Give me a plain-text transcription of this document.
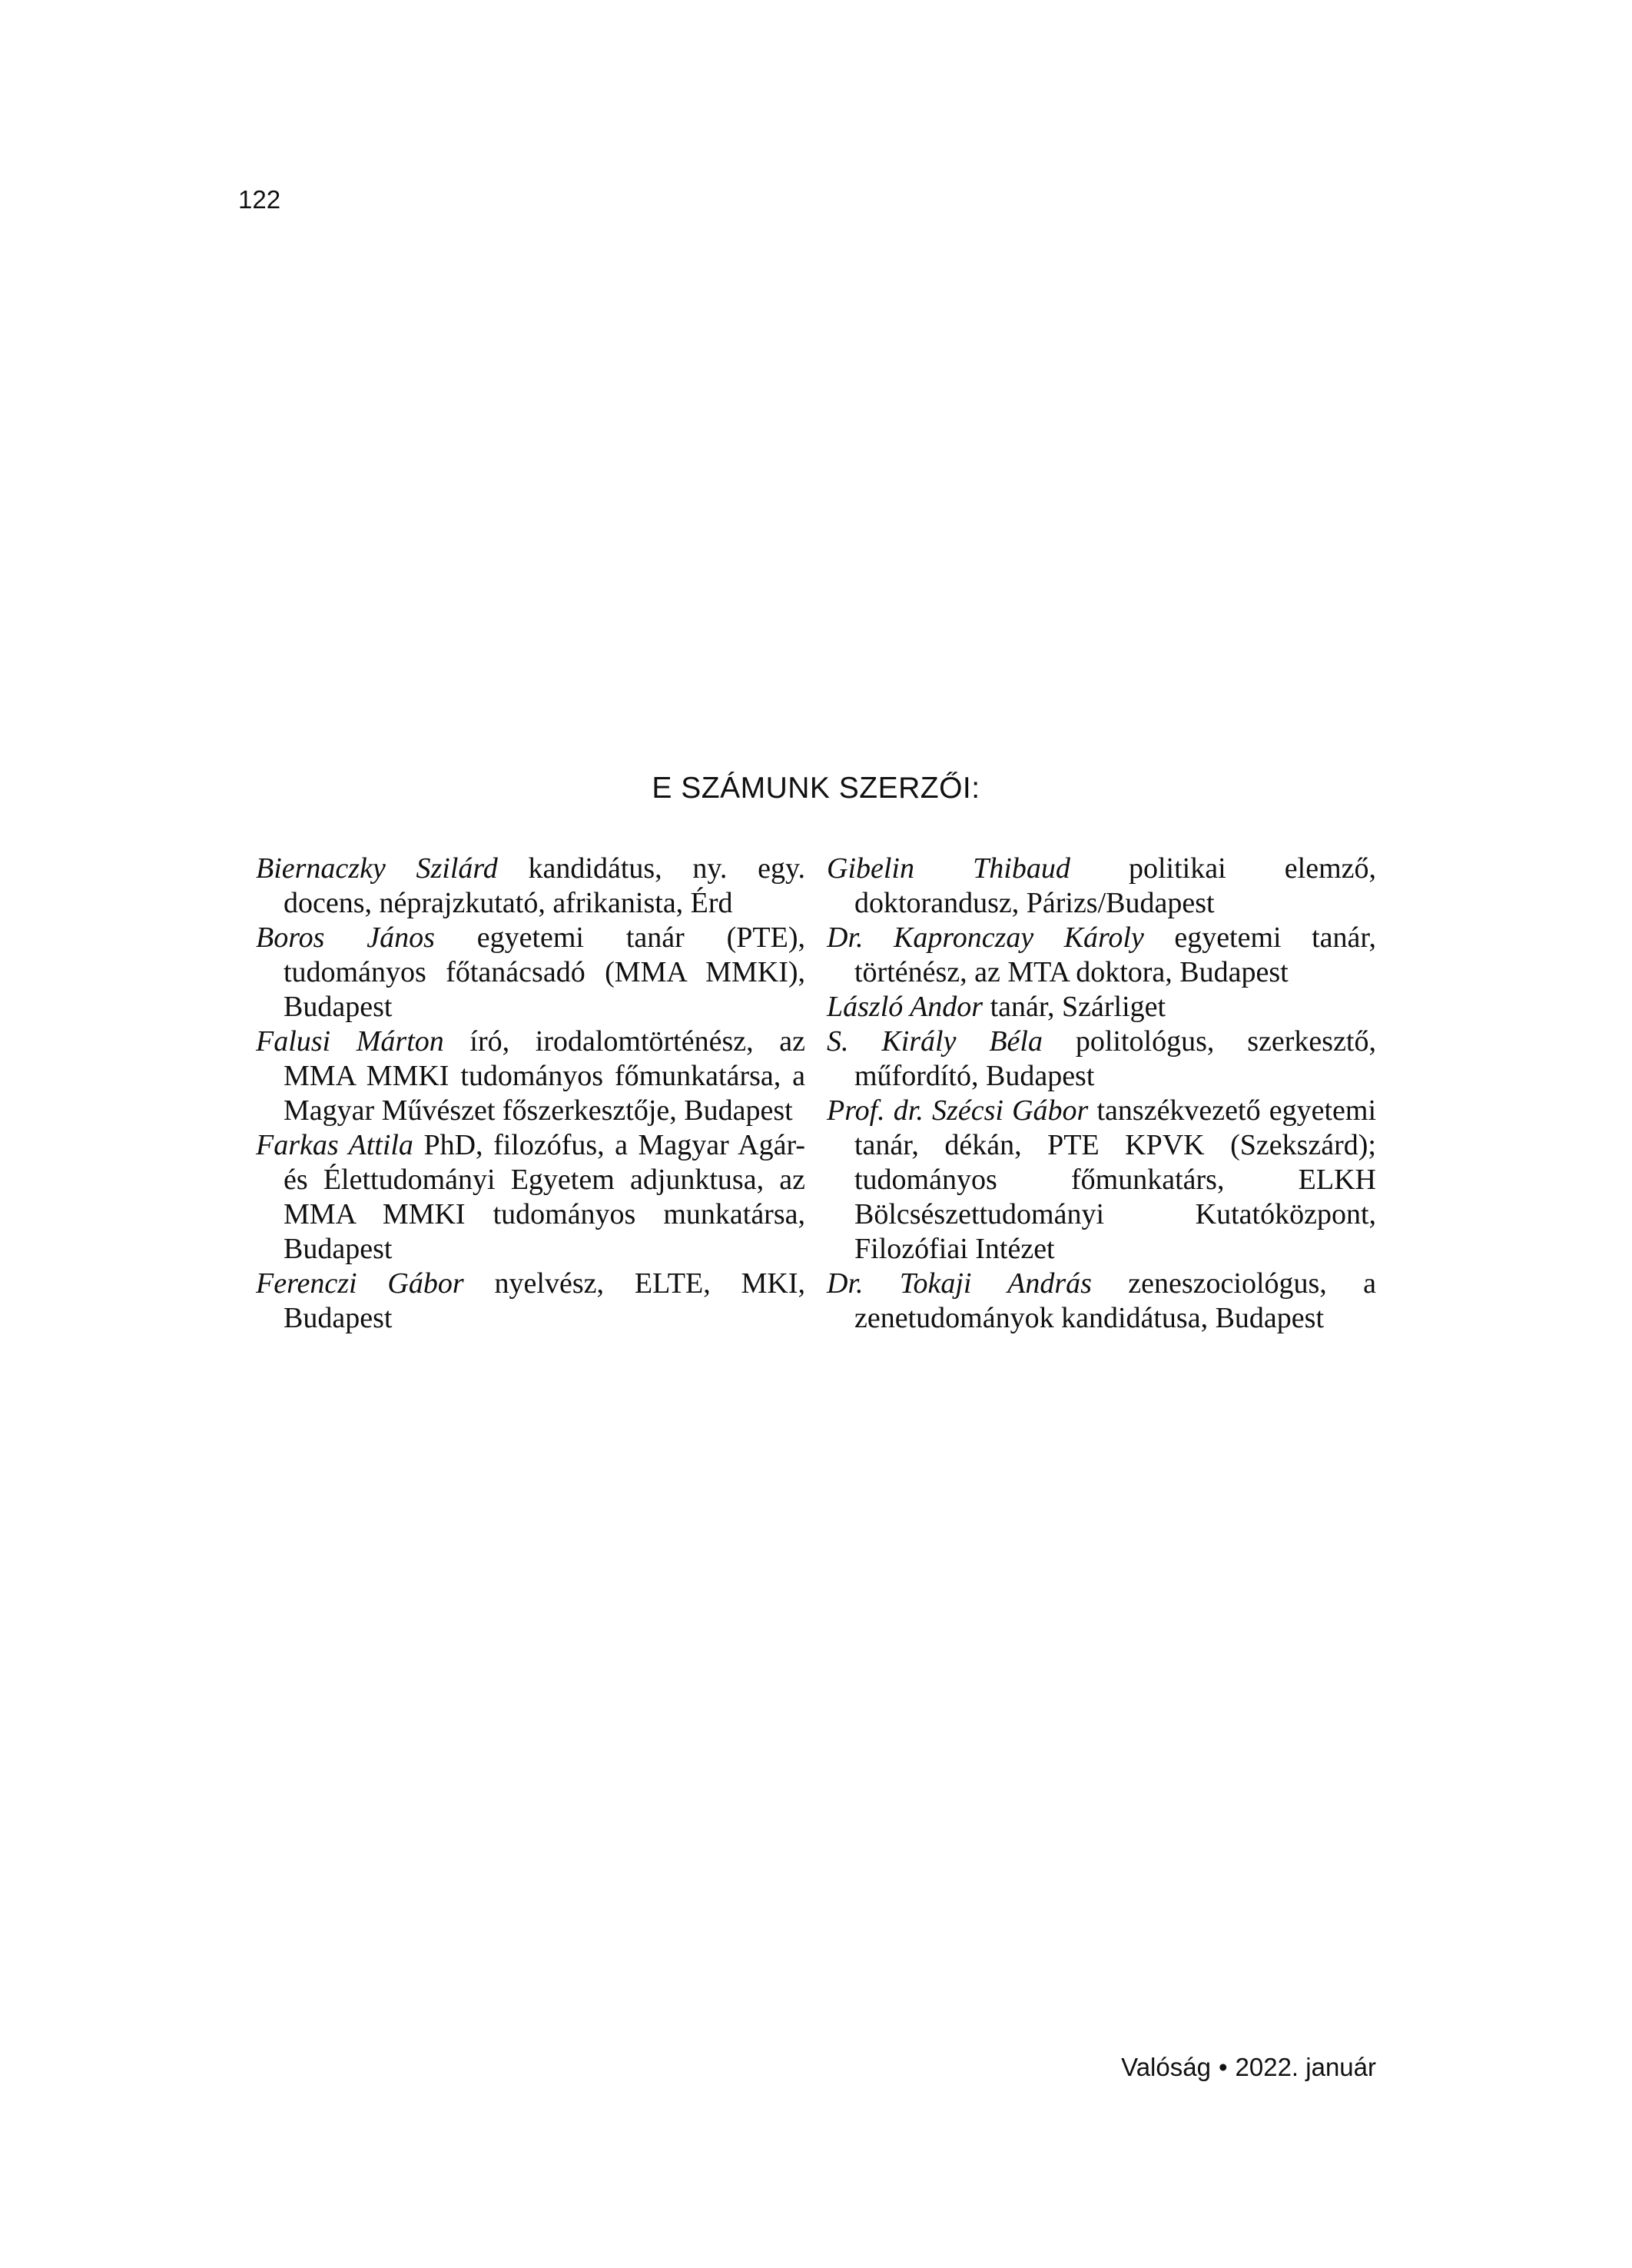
122
E SZÁMUNK SZERZŐI:
Biernaczky Szilárd kandidátus, ny. egy. docens, néprajzkutató, afrikanista, Érd
Boros János egyetemi tanár (PTE), tudományos főtanácsadó (MMA MMKI), Budapest
Falusi Márton író, irodalomtörténész, az MMA MMKI tudományos főmunkatársa, a Magyar Művészet főszerkesztője, Budapest
Farkas Attila PhD, filozófus, a Magyar Agár- és Élettudományi Egyetem adjunktusa, az MMA MMKI tudományos munkatársa, Budapest
Ferenczi Gábor nyelvész, ELTE, MKI, Budapest
Gibelin Thibaud politikai elemző, doktorandusz, Párizs/Budapest
Dr. Kapronczay Károly egyetemi tanár, történész, az MTA doktora, Budapest
László Andor tanár, Szárliget
S. Király Béla politológus, szerkesztő, műfordító, Budapest
Prof. dr. Szécsi Gábor tanszékvezető egyetemi tanár, dékán, PTE KPVK (Szekszárd); tudományos főmunkatárs, ELKH Bölcsészettudományi Kutatóközpont, Filozófiai Intézet
Dr. Tokaji András zeneszociológus, a zenetudományok kandidátusa, Budapest
Valóság • 2022. január
